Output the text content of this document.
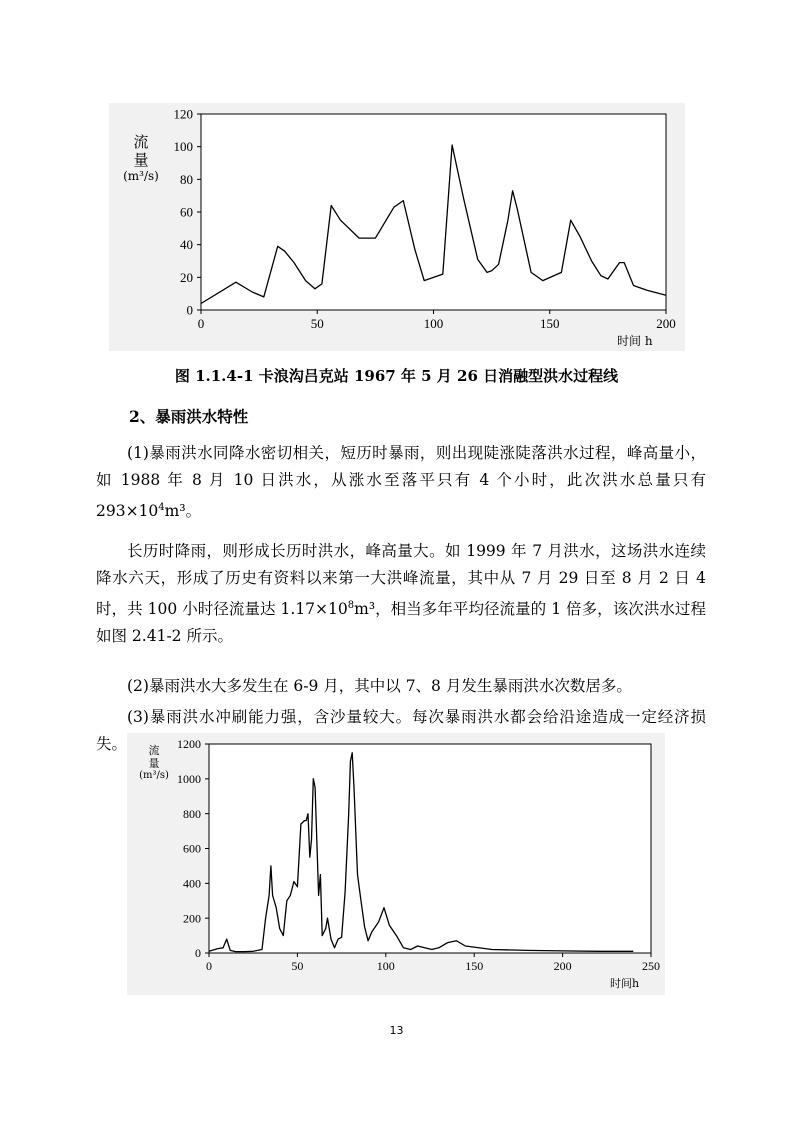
0
20
40
60
80
100
120
0	50	100	150	200
流
量
(m³/s)
时间 h
图 1.1.4-1 卡浪沟吕克站 1967 年 5 月 26 日消融型洪水过程线
2、暴雨洪水特性
(1)暴雨洪水同降水密切相关，短历时暴雨，则出现陡涨陡落洪水过程，峰高量小，如 1988 年 8 月 10 日洪水，从涨水至落平只有 4 个小时，此次洪水总量只有 $293\times 10^4m^3$。
长历时降雨，则形成长历时洪水，峰高量大。如 1999 年 7 月洪水，这场洪水连续降水六天，形成了历史有资料以来第一大洪峰流量，其中从 7 月 29 日至 8 月 2 日 4 时，共 100 小时径流量达 $1.17\times 10^8m^3$，相当多年平均径流量的 1 倍多，该次洪水过程如图 2.41-2 所示。
(2)暴雨洪水大多发生在 6-9 月，其中以 7、8 月发生暴雨洪水次数居多。
(3)暴雨洪水冲刷能力强，含沙量较大。每次暴雨洪水都会给沿途造成一定经济损失。
0
200
400
600
800
1000
1200
0	50	100	150	200	250
流
量
(m³/s)
时间h
13
